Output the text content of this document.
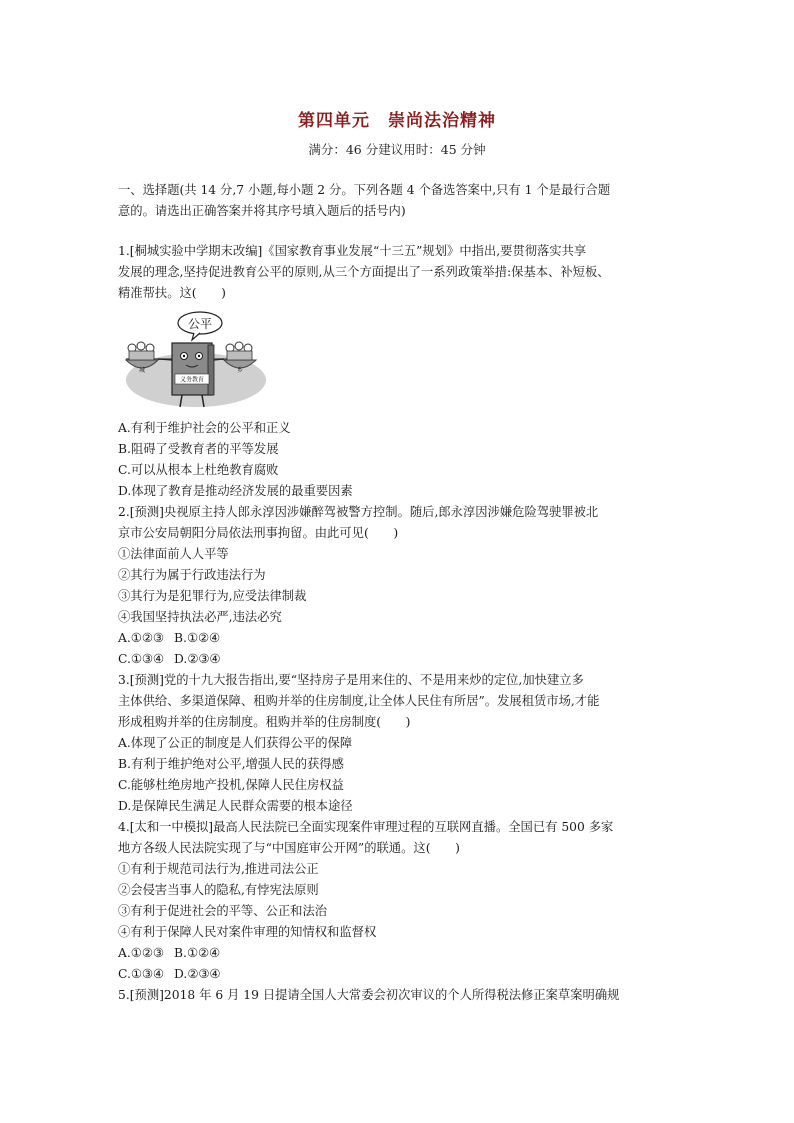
第四单元　崇尚法治精神
满分：46 分建议用时：45 分钟
一、选择题(共 14 分,7 小题,每小题 2 分。下列各题 4 个备选答案中,只有 1 个是最行合题
意的。请选出正确答案并将其序号填入题后的括号内)
1.[桐城实验中学期末改编]《国家教育事业发展“十三五”规划》中指出,要贯彻落实共享
发展的理念,坚持促进教育公平的原则,从三个方面提出了一系列政策举措:保基本、补短板、
精准帮扶。这(　　)
公平
城	乡
义务教育
A.有利于维护社会的公平和正义
B.阻碍了受教育者的平等发展
C.可以从根本上杜绝教育腐败
D.体现了教育是推动经济发展的最重要因素
2.[预测]央视原主持人郎永淳因涉嫌醉驾被警方控制。随后,郎永淳因涉嫌危险驾驶罪被北
京市公安局朝阳分局依法刑事拘留。由此可见(　　)
①法律面前人人平等
②其行为属于行政违法行为
③其行为是犯罪行为,应受法律制裁
④我国坚持执法必严,违法必究
A.①②③ B.①②④
C.①③④ D.②③④
3.[预测]党的十九大报告指出,要“坚持房子是用来住的、不是用来炒的定位,加快建立多
主体供给、多渠道保障、租购并举的住房制度,让全体人民住有所居”。发展租赁市场,才能
形成租购并举的住房制度。租购并举的住房制度(　　)
A.体现了公正的制度是人们获得公平的保障
B.有利于维护绝对公平,增强人民的获得感
C.能够杜绝房地产投机,保障人民住房权益
D.是保障民生满足人民群众需要的根本途径
4.[太和一中模拟]最高人民法院已全面实现案件审理过程的互联网直播。全国已有 500 多家
地方各级人民法院实现了与“中国庭审公开网”的联通。这(　　)
①有利于规范司法行为,推进司法公正
②会侵害当事人的隐私,有悖宪法原则
③有利于促进社会的平等、公正和法治
④有利于保障人民对案件审理的知情权和监督权
A.①②③ B.①②④
C.①③④ D.②③④
5.[预测]2018 年 6 月 19 日提请全国人大常委会初次审议的个人所得税法修正案草案明确规
